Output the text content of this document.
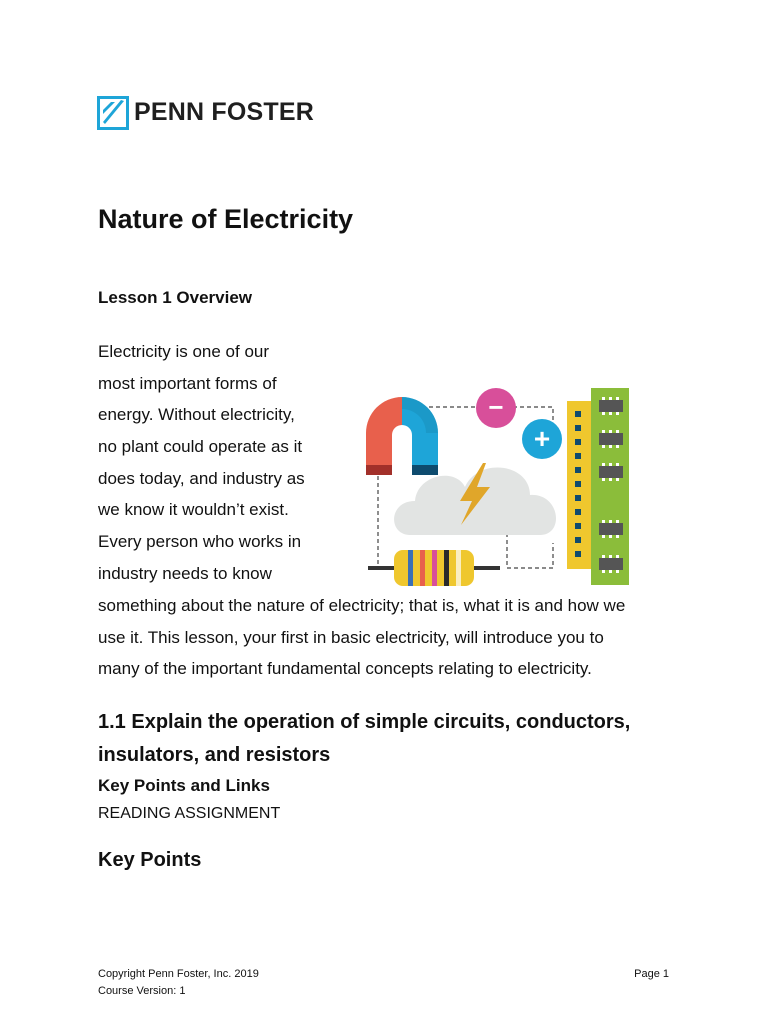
PENN FOSTER
Nature of Electricity
Lesson 1 Overview
Electricity is one of our
most important forms of
energy. Without electricity,
no plant could operate as it
does today, and industry as
we know it wouldn’t exist.
Every person who works in
industry needs to know
something about the nature of electricity; that is, what it is and how we
use it. This lesson, your first in basic electricity, will introduce you to
many of the important fundamental concepts relating to electricity.
−
+
1.1 Explain the operation of simple circuits, conductors,
insulators, and resistors
Key Points and Links
READING ASSIGNMENT
Key Points
Copyright Penn Foster, Inc. 2019
Course Version: 1
Page 1
